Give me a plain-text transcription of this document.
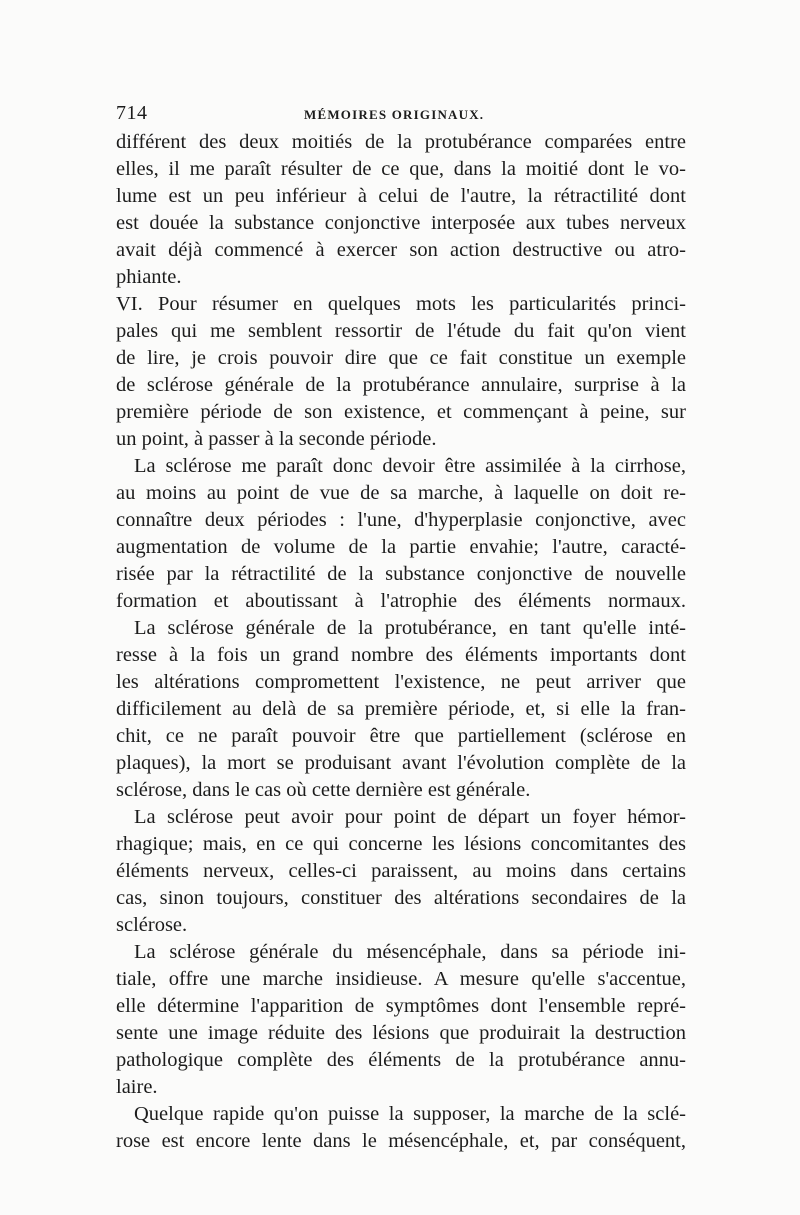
714	MÉMOIRES ORIGINAUX.
différent des deux moitiés de la protubérance comparées entre
elles, il me paraît résulter de ce que, dans la moitié dont le vo-
lume est un peu inférieur à celui de l'autre, la rétractilité dont
est douée la substance conjonctive interposée aux tubes nerveux
avait déjà commencé à exercer son action destructive ou atro-
phiante.
VI. Pour résumer en quelques mots les particularités princi-
pales qui me semblent ressortir de l'étude du fait qu'on vient
de lire, je crois pouvoir dire que ce fait constitue un exemple
de sclérose générale de la protubérance annulaire, surprise à la
première période de son existence, et commençant à peine, sur
un point, à passer à la seconde période.
La sclérose me paraît donc devoir être assimilée à la cirrhose,
au moins au point de vue de sa marche, à laquelle on doit re-
connaître deux périodes : l'une, d'hyperplasie conjonctive, avec
augmentation de volume de la partie envahie; l'autre, caracté-
risée par la rétractilité de la substance conjonctive de nouvelle
formation et aboutissant à l'atrophie des éléments normaux.
La sclérose générale de la protubérance, en tant qu'elle inté-
resse à la fois un grand nombre des éléments importants dont
les altérations compromettent l'existence, ne peut arriver que
difficilement au delà de sa première période, et, si elle la fran-
chit, ce ne paraît pouvoir être que partiellement (sclérose en
plaques), la mort se produisant avant l'évolution complète de la
sclérose, dans le cas où cette dernière est générale.
La sclérose peut avoir pour point de départ un foyer hémor-
rhagique; mais, en ce qui concerne les lésions concomitantes des
éléments nerveux, celles-ci paraissent, au moins dans certains
cas, sinon toujours, constituer des altérations secondaires de la
sclérose.
La sclérose générale du mésencéphale, dans sa période ini-
tiale, offre une marche insidieuse. A mesure qu'elle s'accentue,
elle détermine l'apparition de symptômes dont l'ensemble repré-
sente une image réduite des lésions que produirait la destruction
pathologique complète des éléments de la protubérance annu-
laire.
Quelque rapide qu'on puisse la supposer, la marche de la sclé-
rose est encore lente dans le mésencéphale, et, par conséquent,
